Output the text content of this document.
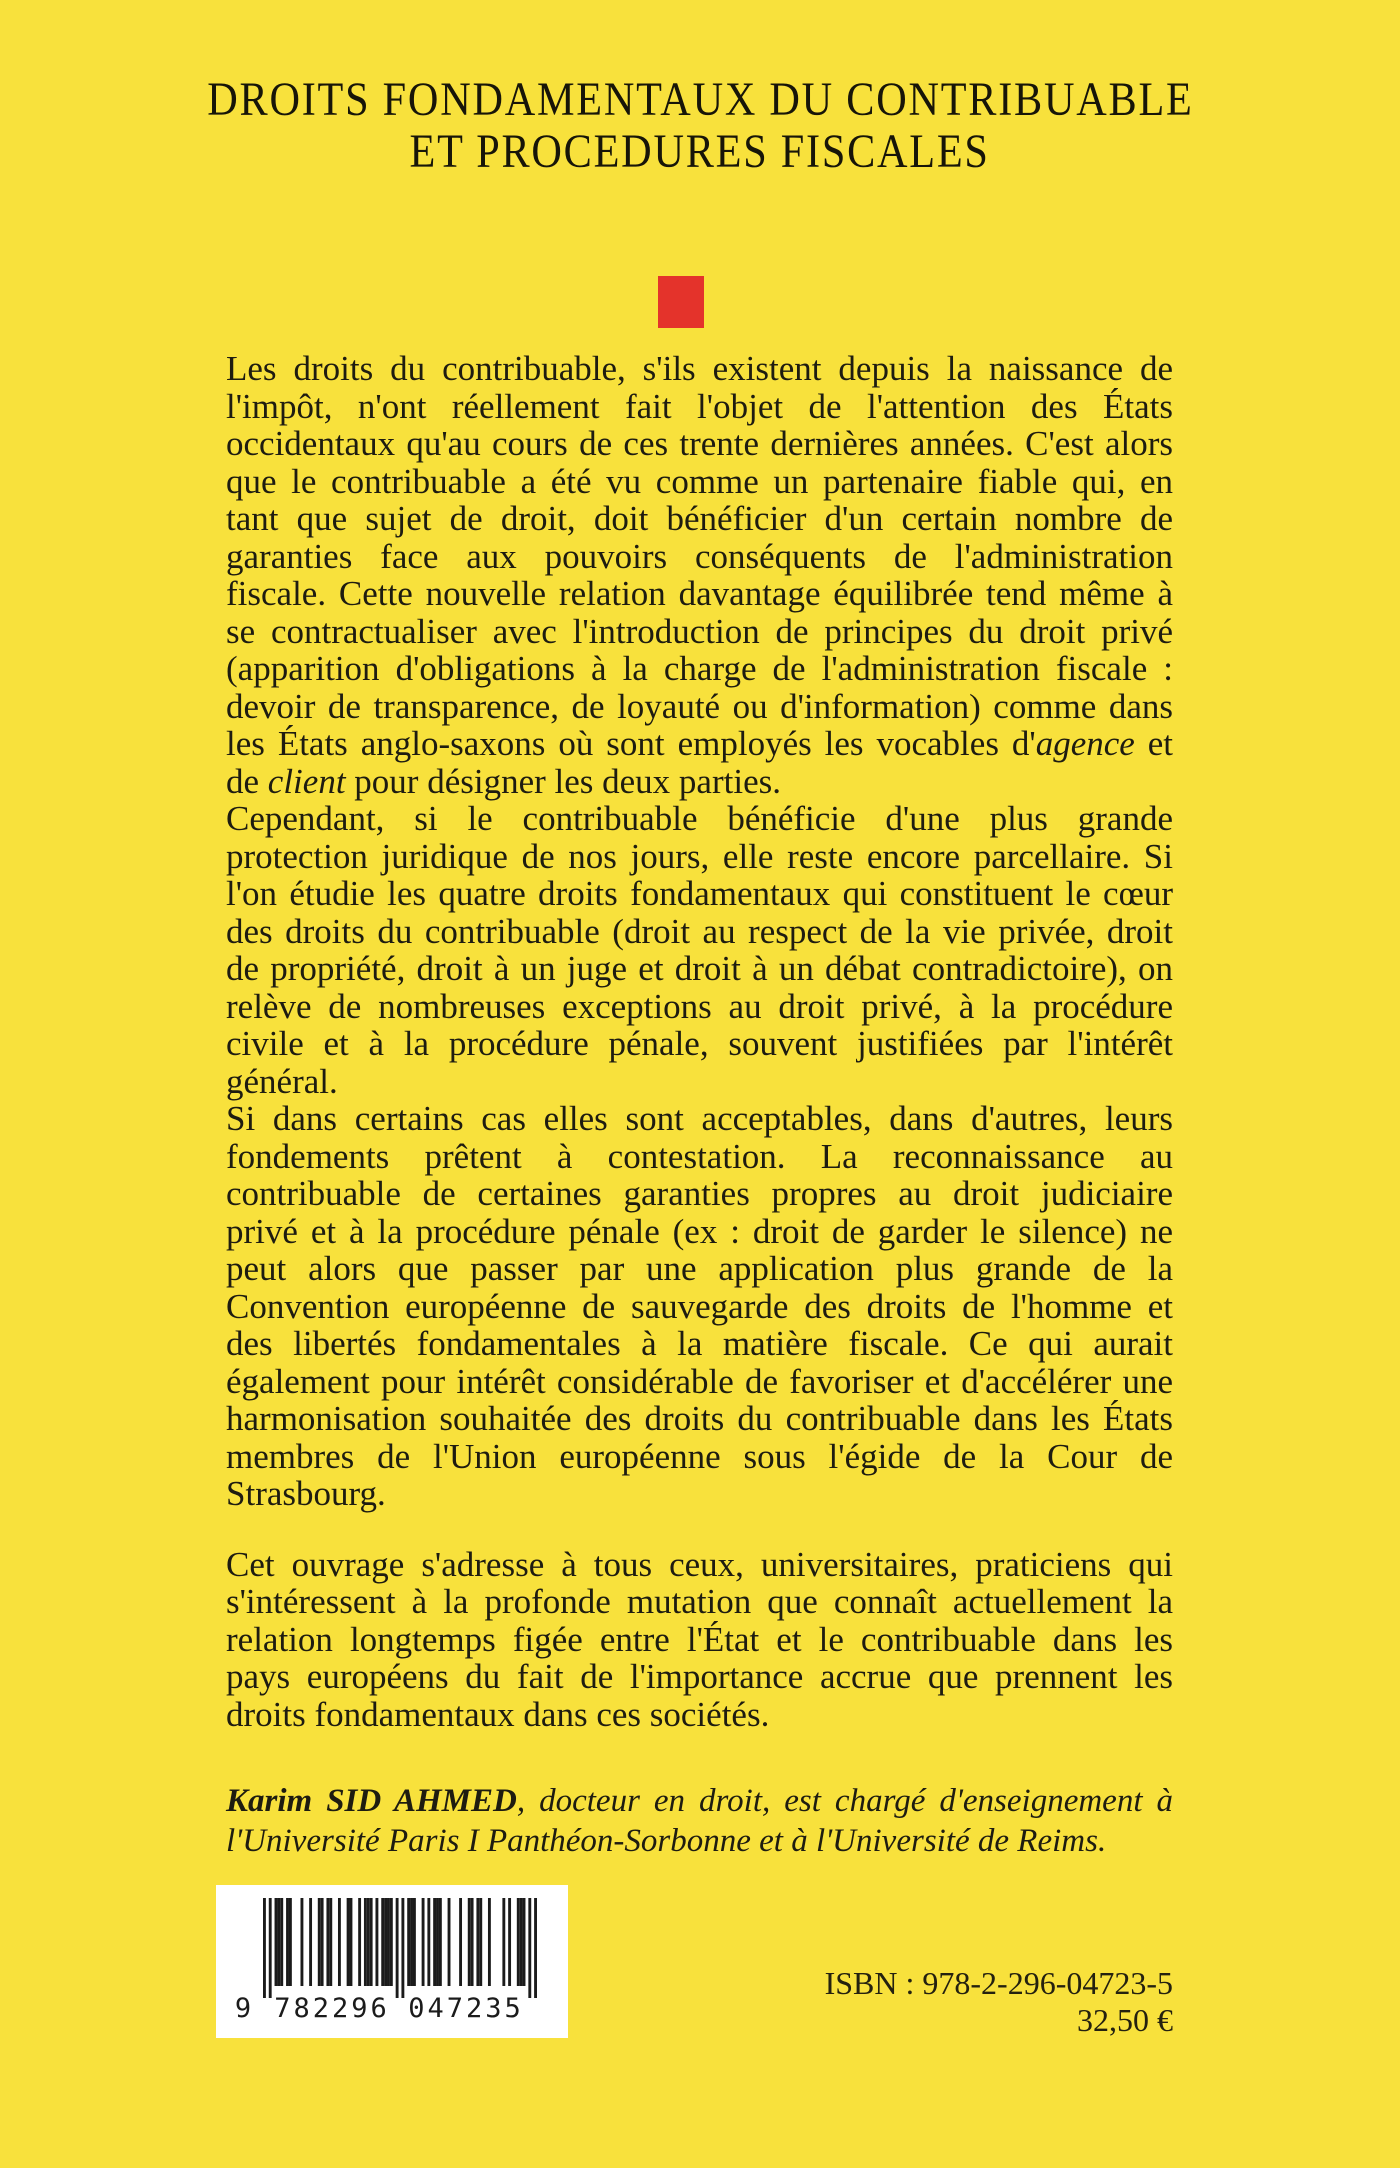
DROITS FONDAMENTAUX DU CONTRIBUABLE
ET PROCEDURES FISCALES
Les droits du contribuable, s'ils existent depuis la naissance de
l'impôt, n'ont réellement fait l'objet de l'attention des États
occidentaux qu'au cours de ces trente dernières années. C'est alors
que le contribuable a été vu comme un partenaire fiable qui, en
tant que sujet de droit, doit bénéficier d'un certain nombre de
garanties face aux pouvoirs conséquents de l'administration
fiscale. Cette nouvelle relation davantage équilibrée tend même à
se contractualiser avec l'introduction de principes du droit privé
(apparition d'obligations à la charge de l'administration fiscale :
devoir de transparence, de loyauté ou d'information) comme dans
les États anglo-saxons où sont employés les vocables d'agence et
de client pour désigner les deux parties.
Cependant, si le contribuable bénéficie d'une plus grande
protection juridique de nos jours, elle reste encore parcellaire. Si
l'on étudie les quatre droits fondamentaux qui constituent le cœur
des droits du contribuable (droit au respect de la vie privée, droit
de propriété, droit à un juge et droit à un débat contradictoire), on
relève de nombreuses exceptions au droit privé, à la procédure
civile et à la procédure pénale, souvent justifiées par l'intérêt
général.
Si dans certains cas elles sont acceptables, dans d'autres, leurs
fondements prêtent à contestation. La reconnaissance au
contribuable de certaines garanties propres au droit judiciaire
privé et à la procédure pénale (ex : droit de garder le silence) ne
peut alors que passer par une application plus grande de la
Convention européenne de sauvegarde des droits de l'homme et
des libertés fondamentales à la matière fiscale. Ce qui aurait
également pour intérêt considérable de favoriser et d'accélérer une
harmonisation souhaitée des droits du contribuable dans les États
membres de l'Union européenne sous l'égide de la Cour de
Strasbourg.
Cet ouvrage s'adresse à tous ceux, universitaires, praticiens qui
s'intéressent à la profonde mutation que connaît actuellement la
relation longtemps figée entre l'État et le contribuable dans les
pays européens du fait de l'importance accrue que prennent les
droits fondamentaux dans ces sociétés.
Karim SID AHMED, docteur en droit, est chargé d'enseignement à
l'Université Paris I Panthéon-Sorbonne et à l'Université de Reims.
9 782296 047235
ISBN : 978-2-296-04723-5
32,50 €
